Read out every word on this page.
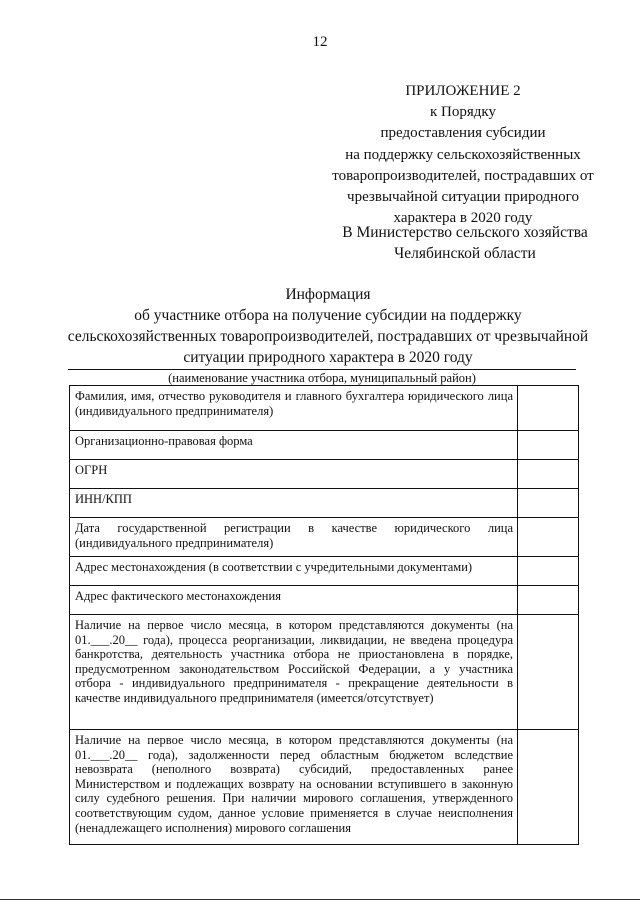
12
ПРИЛОЖЕНИЕ 2
к Порядку
предоставления субсидии
на поддержку сельскохозяйственных
товаропроизводителей, пострадавших от
чрезвычайной ситуации природного
характера в 2020 году
В Министерство сельского хозяйства
Челябинской области
Информация
об участнике отбора на получение субсидии на поддержку
сельскохозяйственных товаропроизводителей, пострадавших от чрезвычайной
ситуации природного характера в 2020 году
(наименование участника отбора, муниципальный район)
Фамилия, имя, отчество руководителя и главного бухгалтера юридического лица (индивидуального предпринимателя)	

Организационно-правовая форма	

ОГРН	

ИНН/КПП	

Дата государственной регистрации в качестве юридического лица (индивидуального предпринимателя)	

Адрес местонахождения (в соответствии с учредительными документами)	

Адрес фактического местонахождения	

Наличие на первое число месяца, в котором представляются документы (на 01.___.20__ года), процесса реорганизации, ликвидации, не введена процедура банкротства, деятельность участника отбора не приостановлена в порядке, предусмотренном законодательством Российской Федерации, а у участника отбора - индивидуального предпринимателя - прекращение деятельности в качестве индивидуального предпринимателя (имеется/отсутствует)	

Наличие на первое число месяца, в котором представляются документы (на 01.___.20__ года), задолженности перед областным бюджетом вследствие невозврата (неполного возврата) субсидий, предоставленных ранее Министерством и подлежащих возврату на основании вступившего в законную силу судебного решения. При наличии мирового соглашения, утвержденного соответствующим судом, данное условие применяется в случае неисполнения (ненадлежащего исполнения) мирового соглашения	
